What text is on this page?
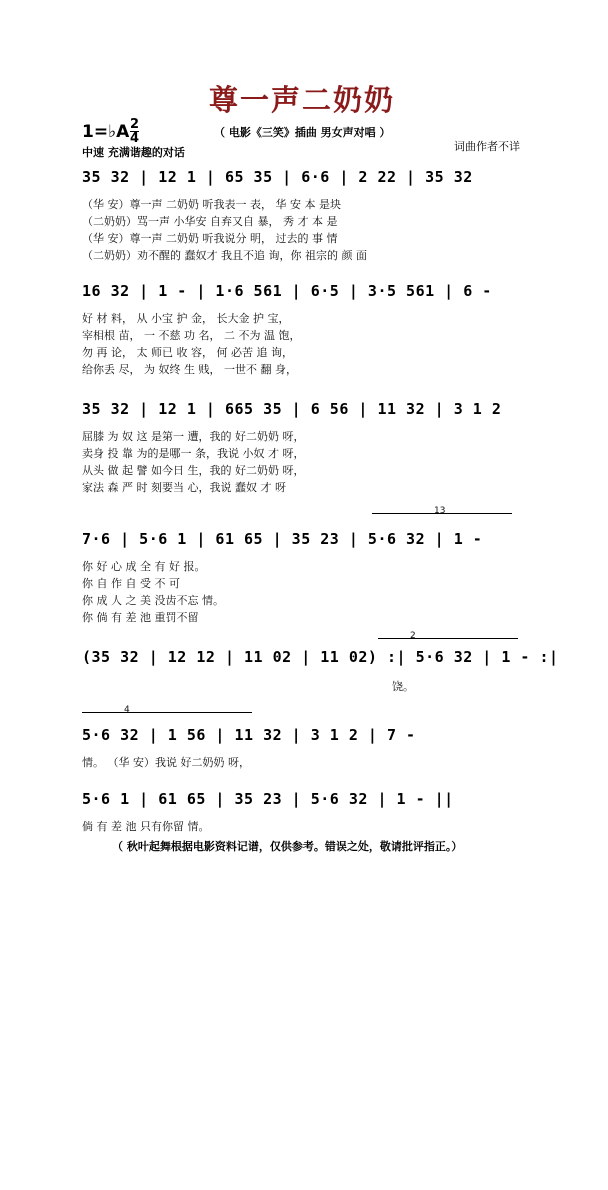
尊一声二奶奶
1=♭A 2
4	（ 电影《三笑》插曲 男女声对唱 ）
中速 充满谐趣的对话	词曲作者不详
35 32 | 12 1 | 65 35 | 6·6 | 2 22 | 35 32
（华 安）尊一声 二奶奶 听我表一 表， 华 安 本 是块
（二奶奶）骂一声 小华安 自弃又自 暴， 秀 才 本 是
（华 安）尊一声 二奶奶 听我说分 明， 过去的 事 情
（二奶奶）劝不醒的 蠢奴才 我且不追 询，你 祖宗的 颜 面
16 32 | 1 - | 1·6 561 | 6·5 | 3·5 561 | 6 -
好 材 料， 从 小宝 护 金， 长大金 护 宝，
宰相根 苗， 一 不慈 功 名， 二 不为 温 饱，
勿 再 论， 太 师已 收 容， 何 必苦 追 询，
给你丢 尽， 为 奴终 生 贱， 一世不 翻 身，
35 32 | 12 1 | 665 35 | 6 56 | 11 32 | 3 1 2
屈膝 为 奴 这 是第一 遭，我的 好二奶奶 呀，
卖身 投 靠 为的是哪一 条，我说 小奴 才 呀，
从头 做 起 譬 如今日 生，我的 好二奶奶 呀，
家法 森 严 时 刻要当 心，我说 蠢奴 才 呀
13
7·6 | 5·6 1 | 61 65 | 35 23 | 5·6 32 | 1 -
你 好 心 成 全 有 好 报。
你 自 作 自 受 不 可
你 成 人 之 美 没齿不忘 情。
你 倘 有 差 池 重罚不留
2
(35 32 | 12 12 | 11 02 | 11 02) :| 5·6 32 | 1 - :|
饶。
4
5·6 32 | 1 56 | 11 32 | 3 1 2 | 7 -
情。 （华 安）我说 好二奶奶 呀，
5·6 1 | 61 65 | 35 23 | 5·6 32 | 1 - ||
倘 有 差 池 只有你留 情。
（ 秋叶起舞根据电影资料记谱，仅供参考。错误之处，敬请批评指正。）
